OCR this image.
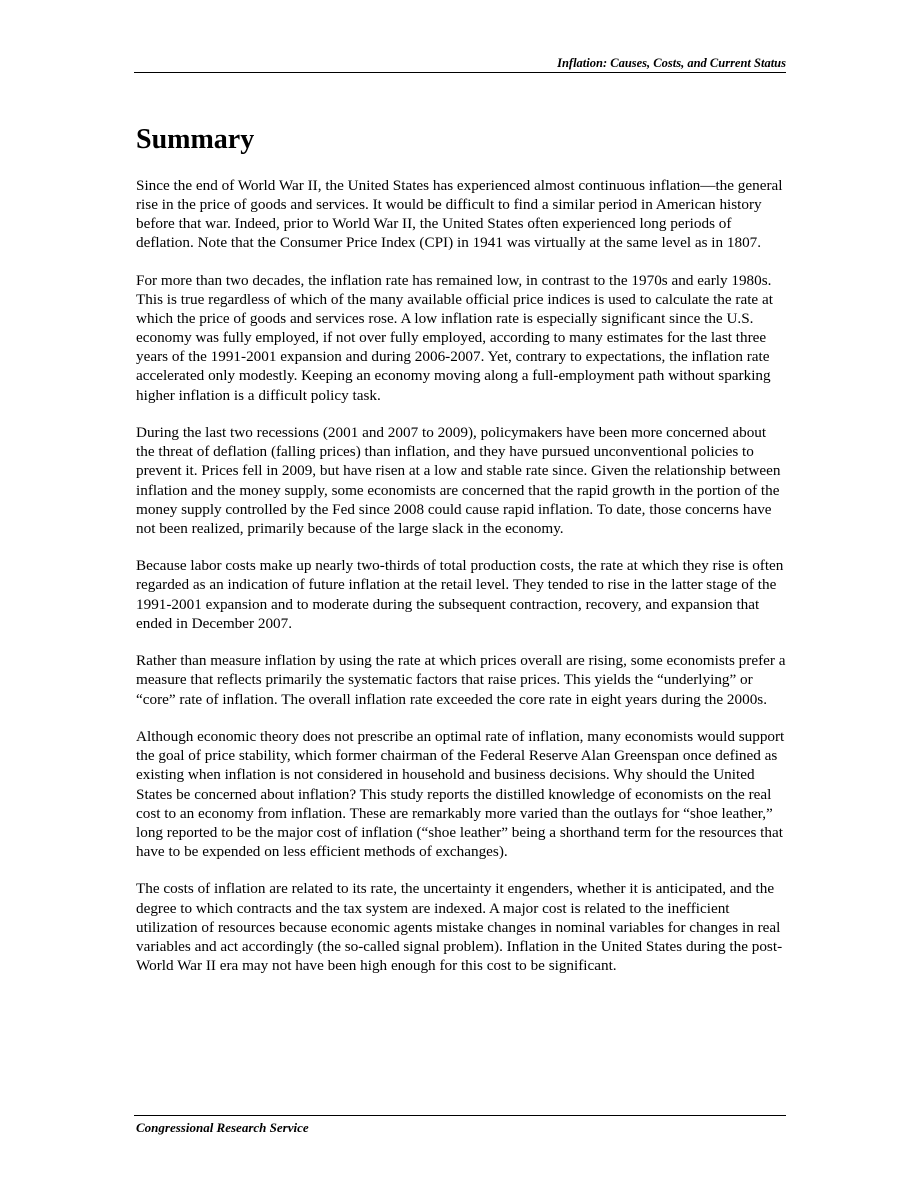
Inflation: Causes, Costs, and Current Status
Summary

Since the end of World War II, the United States has experienced almost continuous inflation—the general rise in the price of goods and services. It would be difficult to find a similar period in American history before that war. Indeed, prior to World War II, the United States often experienced long periods of deflation. Note that the Consumer Price Index (CPI) in 1941 was virtually at the same level as in 1807.

For more than two decades, the inflation rate has remained low, in contrast to the 1970s and early 1980s. This is true regardless of which of the many available official price indices is used to calculate the rate at which the price of goods and services rose. A low inflation rate is especially significant since the U.S. economy was fully employed, if not over fully employed, according to many estimates for the last three years of the 1991-2001 expansion and during 2006-2007. Yet, contrary to expectations, the inflation rate accelerated only modestly. Keeping an economy moving along a full-employment path without sparking higher inflation is a difficult policy task.

During the last two recessions (2001 and 2007 to 2009), policymakers have been more concerned about the threat of deflation (falling prices) than inflation, and they have pursued unconventional policies to prevent it. Prices fell in 2009, but have risen at a low and stable rate since. Given the relationship between inflation and the money supply, some economists are concerned that the rapid growth in the portion of the money supply controlled by the Fed since 2008 could cause rapid inflation. To date, those concerns have not been realized, primarily because of the large slack in the economy.

Because labor costs make up nearly two-thirds of total production costs, the rate at which they rise is often regarded as an indication of future inflation at the retail level. They tended to rise in the latter stage of the 1991-2001 expansion and to moderate during the subsequent contraction, recovery, and expansion that ended in December 2007.

Rather than measure inflation by using the rate at which prices overall are rising, some economists prefer a measure that reflects primarily the systematic factors that raise prices. This yields the “underlying” or “core” rate of inflation. The overall inflation rate exceeded the core rate in eight years during the 2000s.

Although economic theory does not prescribe an optimal rate of inflation, many economists would support the goal of price stability, which former chairman of the Federal Reserve Alan Greenspan once defined as existing when inflation is not considered in household and business decisions. Why should the United States be concerned about inflation? This study reports the distilled knowledge of economists on the real cost to an economy from inflation. These are remarkably more varied than the outlays for “shoe leather,” long reported to be the major cost of inflation (“shoe leather” being a shorthand term for the resources that have to be expended on less efficient methods of exchanges).

The costs of inflation are related to its rate, the uncertainty it engenders, whether it is anticipated, and the degree to which contracts and the tax system are indexed. A major cost is related to the inefficient utilization of resources because economic agents mistake changes in nominal variables for changes in real variables and act accordingly (the so-called signal problem). Inflation in the United States during the post-World War II era may not have been high enough for this cost to be significant.

Congressional Research Service
